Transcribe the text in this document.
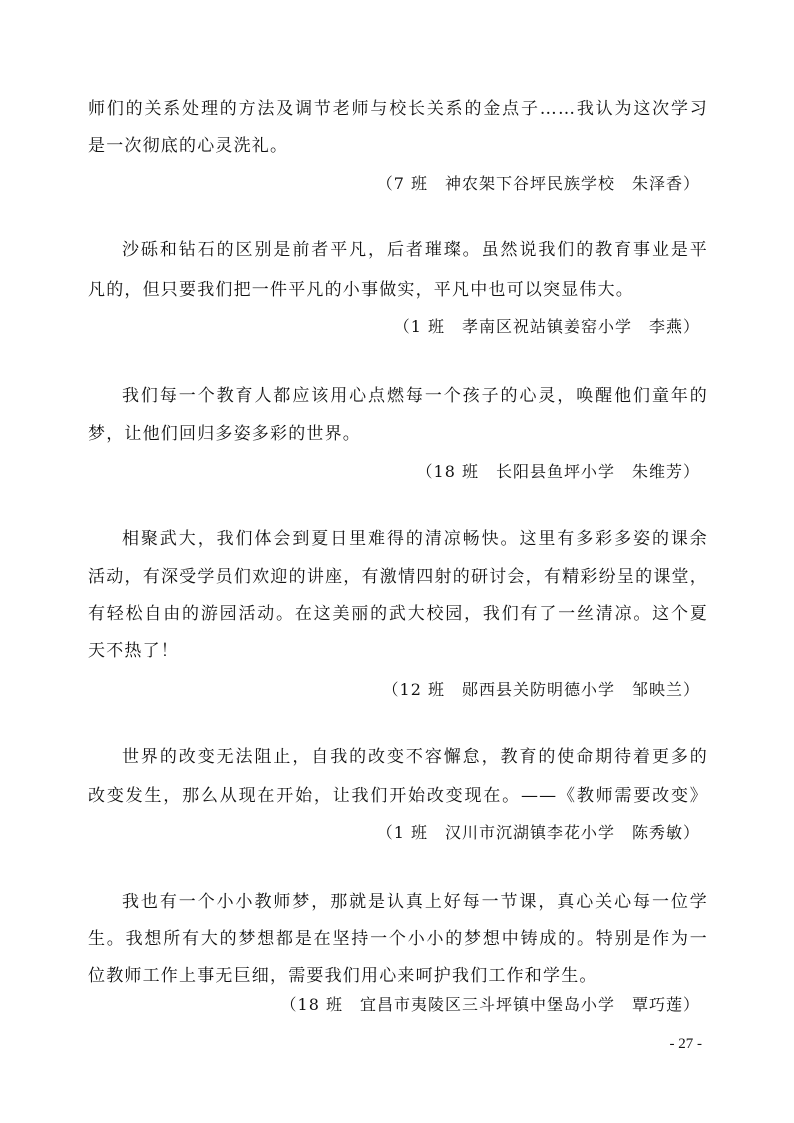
师们的关系处理的方法及调节老师与校长关系的金点子……我认为这次学习
是一次彻底的心灵洗礼。
（7 班　神农架下谷坪民族学校　朱泽香）
沙砾和钻石的区别是前者平凡，后者璀璨。虽然说我们的教育事业是平
凡的，但只要我们把一件平凡的小事做实，平凡中也可以突显伟大。
（1 班　孝南区祝站镇姜窑小学　李燕）
我们每一个教育人都应该用心点燃每一个孩子的心灵，唤醒他们童年的
梦，让他们回归多姿多彩的世界。
（18 班　长阳县鱼坪小学　朱维芳）
相聚武大，我们体会到夏日里难得的清凉畅快。这里有多彩多姿的课余
活动，有深受学员们欢迎的讲座，有激情四射的研讨会，有精彩纷呈的课堂，
有轻松自由的游园活动。在这美丽的武大校园，我们有了一丝清凉。这个夏
天不热了！
（12 班　郧西县关防明德小学　邹映兰）
世界的改变无法阻止，自我的改变不容懈怠，教育的使命期待着更多的
改变发生，那么从现在开始，让我们开始改变现在。——《教师需要改变》
（1 班　汉川市沉湖镇李花小学　陈秀敏）
我也有一个小小教师梦，那就是认真上好每一节课，真心关心每一位学
生。我想所有大的梦想都是在坚持一个小小的梦想中铸成的。特别是作为一
位教师工作上事无巨细，需要我们用心来呵护我们工作和学生。
（18 班　宜昌市夷陵区三斗坪镇中堡岛小学　覃巧莲）
- 27 -
